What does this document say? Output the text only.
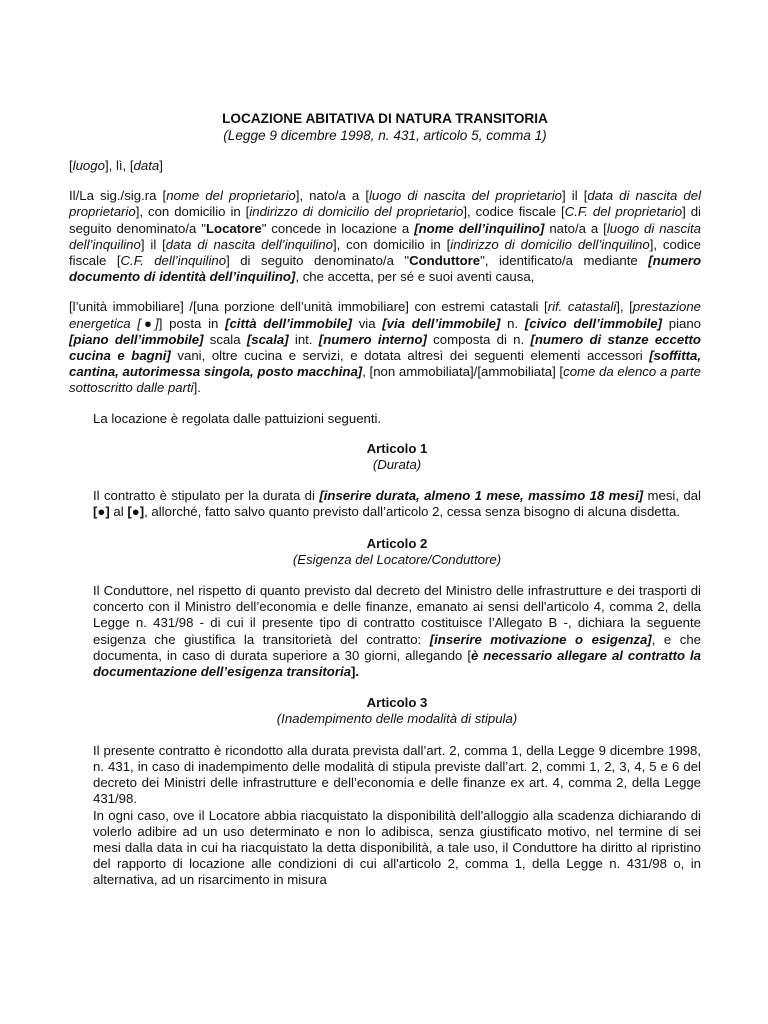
LOCAZIONE ABITATIVA DI NATURA TRANSITORIA
(Legge 9 dicembre 1998, n. 431, articolo 5, comma 1)

[luogo], lì, [data]

Il/La sig./sig.ra [nome del proprietario], nato/a a [luogo di nascita del proprietario] il [data di nascita del proprietario], con domicilio in [indirizzo di domicilio del proprietario], codice fiscale [C.F. del proprietario] di seguito denominato/a "Locatore" concede in locazione a [nome dell’inquilino] nato/a a [luogo di nascita dell’inquilino] il [data di nascita dell’inquilino], con domicilio in [indirizzo di domicilio dell’inquilino], codice fiscale [C.F. dell’inquilino] di seguito denominato/a "Conduttore", identificato/a mediante [numero documento di identità dell’inquilino], che accetta, per sé e suoi aventi causa,

[l’unità immobiliare] /[una porzione dell’unità immobiliare] con estremi catastali [rif. catastali], [prestazione energetica [●]] posta in [città dell’immobile] via [via dell’immobile] n. [civico dell’immobile] piano [piano dell’immobile] scala [scala] int. [numero interno] composta di n. [numero di stanze eccetto cucina e bagni] vani, oltre cucina e servizi, e dotata altresì dei seguenti elementi accessori [soffitta, cantina, autorimessa singola, posto macchina], [non ammobiliata]/[ammobiliata] [come da elenco a parte sottoscritto dalle parti].

La locazione è regolata dalle pattuizioni seguenti.

Articolo 1
(Durata)

Il contratto è stipulato per la durata di [inserire durata, almeno 1 mese, massimo 18 mesi] mesi, dal [●] al [●], allorché, fatto salvo quanto previsto dall’articolo 2, cessa senza bisogno di alcuna disdetta.

Articolo 2
(Esigenza del Locatore/Conduttore)

Il Conduttore, nel rispetto di quanto previsto dal decreto del Ministro delle infrastrutture e dei trasporti di concerto con il Ministro dell’economia e delle finanze, emanato ai sensi dell'articolo 4, comma 2, della Legge n. 431/98 - di cui il presente tipo di contratto costituisce l’Allegato B -, dichiara la seguente esigenza che giustifica la transitorietà del contratto: [inserire motivazione o esigenza], e che documenta, in caso di durata superiore a 30 giorni, allegando [è necessario allegare al contratto la documentazione dell’esigenza transitoria].

Articolo 3
(Inadempimento delle modalità di stipula)

Il presente contratto è ricondotto alla durata prevista dall’art. 2, comma 1, della Legge 9 dicembre 1998, n. 431, in caso di inadempimento delle modalità di stipula previste dall’art. 2, commi 1, 2, 3, 4, 5 e 6 del decreto dei Ministri delle infrastrutture e dell’economia e delle finanze ex art. 4, comma 2, della Legge 431/98.

In ogni caso, ove il Locatore abbia riacquistato la disponibilità dell'alloggio alla scadenza dichiarando di volerlo adibire ad un uso determinato e non lo adibisca, senza giustificato motivo, nel termine di sei mesi dalla data in cui ha riacquistato la detta disponibilità, a tale uso, il Conduttore ha diritto al ripristino del rapporto di locazione alle condizioni di cui all'articolo 2, comma 1, della Legge n. 431/98 o, in alternativa, ad un risarcimento in misura
